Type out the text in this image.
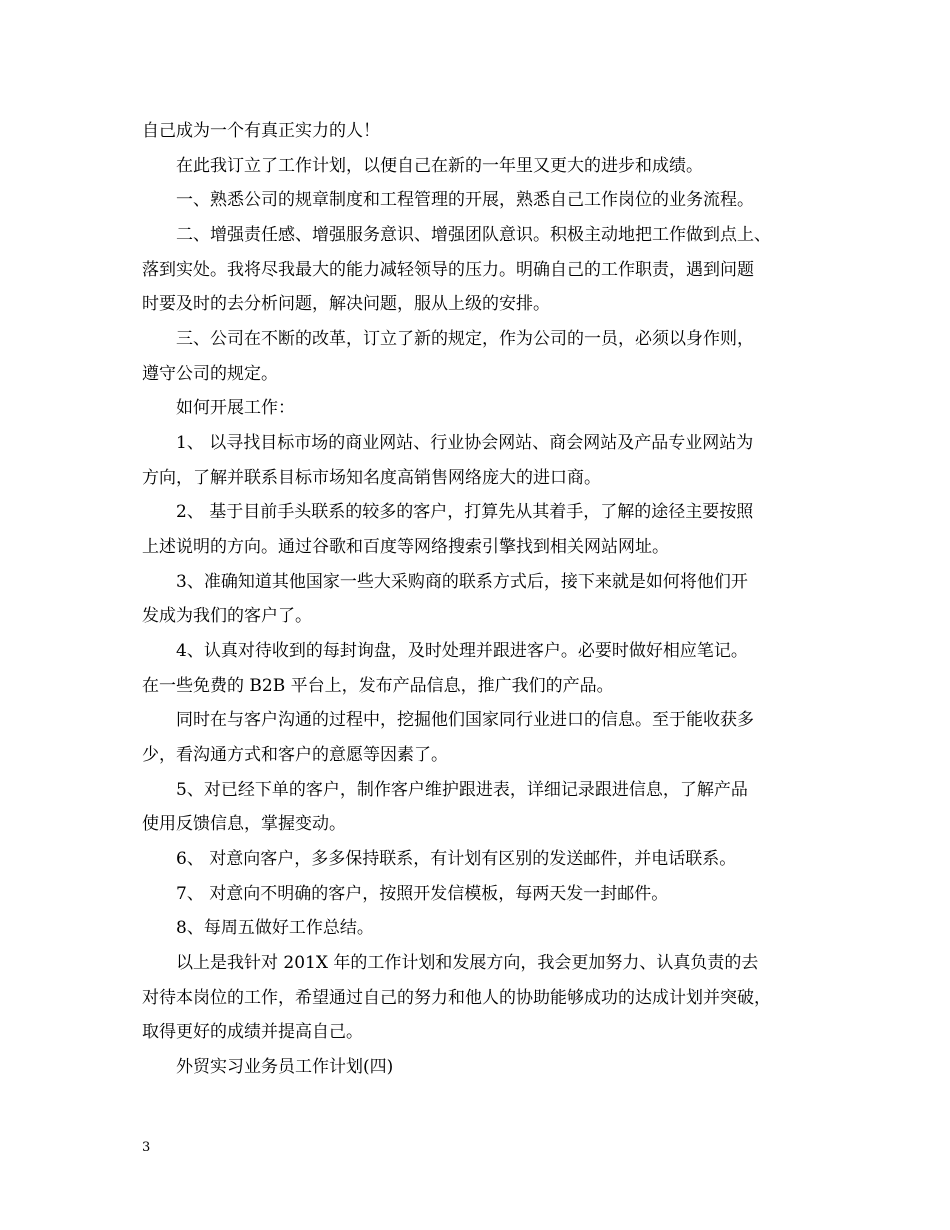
自己成为一个有真正实力的人！
在此我订立了工作计划，以便自己在新的一年里又更大的进步和成绩。
一、熟悉公司的规章制度和工程管理的开展，熟悉自己工作岗位的业务流程。
二、增强责任感、增强服务意识、增强团队意识。积极主动地把工作做到点上、
落到实处。我将尽我最大的能力减轻领导的压力。明确自己的工作职责，遇到问题
时要及时的去分析问题，解决问题，服从上级的安排。
三、公司在不断的改革，订立了新的规定，作为公司的一员，必须以身作则，
遵守公司的规定。
如何开展工作：
1、 以寻找目标市场的商业网站、行业协会网站、商会网站及产品专业网站为
方向，了解并联系目标市场知名度高销售网络庞大的进口商。
2、 基于目前手头联系的较多的客户，打算先从其着手，了解的途径主要按照
上述说明的方向。通过谷歌和百度等网络搜索引擎找到相关网站网址。
3、准确知道其他国家一些大采购商的联系方式后，接下来就是如何将他们开
发成为我们的客户了。
4、认真对待收到的每封询盘，及时处理并跟进客户。必要时做好相应笔记。
在一些免费的 B2B 平台上，发布产品信息，推广我们的产品。
同时在与客户沟通的过程中，挖掘他们国家同行业进口的信息。至于能收获多
少，看沟通方式和客户的意愿等因素了。
5、对已经下单的客户，制作客户维护跟进表，详细记录跟进信息，了解产品
使用反馈信息，掌握变动。
6、 对意向客户，多多保持联系，有计划有区别的发送邮件，并电话联系。
7、 对意向不明确的客户，按照开发信模板，每两天发一封邮件。
8、每周五做好工作总结。
以上是我针对 201X 年的工作计划和发展方向，我会更加努力、认真负责的去
对待本岗位的工作，希望通过自己的努力和他人的协助能够成功的达成计划并突破，
取得更好的成绩并提高自己。
外贸实习业务员工作计划(四)
3
